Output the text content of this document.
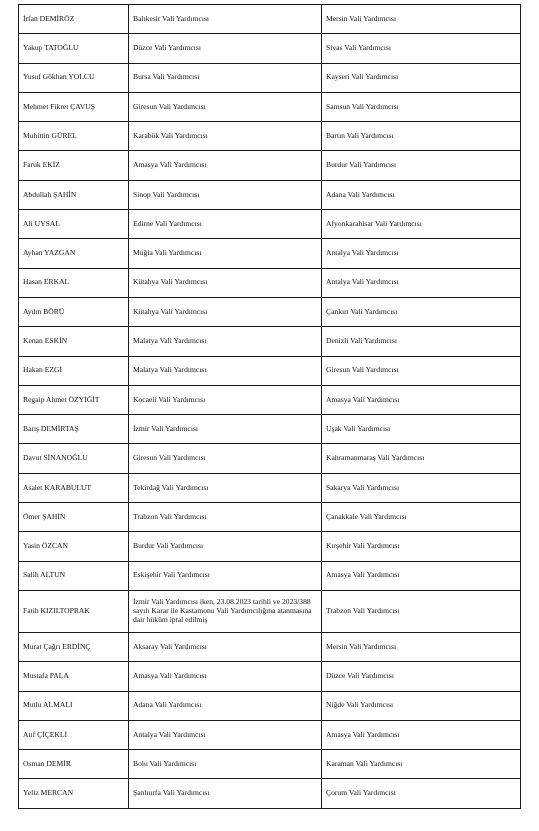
İrfan DEMİRÖZ	Balıkesir Vali Yardımcısı	Mersin Vali Yardımcısı
Yakup TATOĞLU	Düzce Vali Yardımcısı	Sivas Vali Yardımcısı
Yusuf Gökhan YOLCU	Bursa Vali Yardımcısı	Kayseri Vali Yardımcısı
Mehmet Fikret ÇAVUŞ	Giresun Vali Yardımcısı	Samsun Vali Yardımcısı
Muhittin GÜREL	Karabük Vali Yardımcısı	Bartın Vali Yardımcısı
Faruk EKİZ	Amasya Vali Yardımcısı	Burdur Vali Yardımcısı
Abdullah ŞAHİN	Sinop Vali Yardımcısı	Adana Vali Yardımcısı
Ali UYSAL	Edirne Vali Yardımcısı	Afyonkarahisar Vali Yardımcısı
Ayhan YAZGAN	Muğla Vali Yardımcısı	Antalya Vali Yardımcısı
Hasan ERKAL	Kütahya Vali Yardımcısı	Antalya Vali Yardımcısı
Aydın BÖRÜ	Kütahya Vali Yardımcısı	Çankırı Vali Yardımcısı
Kenan ESKİN	Malatya Vali Yardımcısı	Denizli Vali Yardımcısı
Hakan EZGİ	Malatya Vali Yardımcısı	Giresun Vali Yardımcısı
Regaip Ahmet ÖZYİĞİT	Kocaeli Vali Yardımcısı	Amasya Vali Yardımcısı
Barış DEMİRTAŞ	İzmir Vali Yardımcısı	Uşak Vali Yardımcısı
Davut SİNANOĞLU	Giresun Vali Yardımcısı	Kahramanmaraş Vali Yardımcısı
Asalet KARABULUT	Tekirdağ Vali Yardımcısı	Sakarya Vali Yardımcısı
Ömer ŞAHİN	Trabzon Vali Yardımcısı	Çanakkale Vali Yardımcısı
Yasin ÖZCAN	Burdur Vali Yardımcısı	Kırşehir Vali Yardımcısı
Salih ALTUN	Eskişehir Vali Yardımcısı	Amasya Vali Yardımcısı
Fatih KIZILTOPRAK	İzmir Vali Yardımcısı iken, 23.08.2023 tarihli ve 2023/388 sayılı Karar ile Kastamonu Vali Yardımcılığına atanmasına dair hüküm iptal edilmiş	Trabzon Vali Yardımcısı
Murat Çağrı ERDİNÇ	Aksaray Vali Yardımcısı	Mersin Vali Yardımcısı
Mustafa PALA	Amasya Vali Yardımcısı	Düzce Vali Yardımcısı
Mutlu ALMALI	Adana Vali Yardımcısı	Niğde Vali Yardımcısı
Atıf ÇİÇEKLİ	Antalya Vali Yardımcısı	Amasya Vali Yardımcısı
Osman DEMİR	Bolu Vali Yardımcısı	Karaman Vali Yardımcısı
Yeliz MERCAN	Şanlıurfa Vali Yardımcısı	Çorum Vali Yardımcısı
